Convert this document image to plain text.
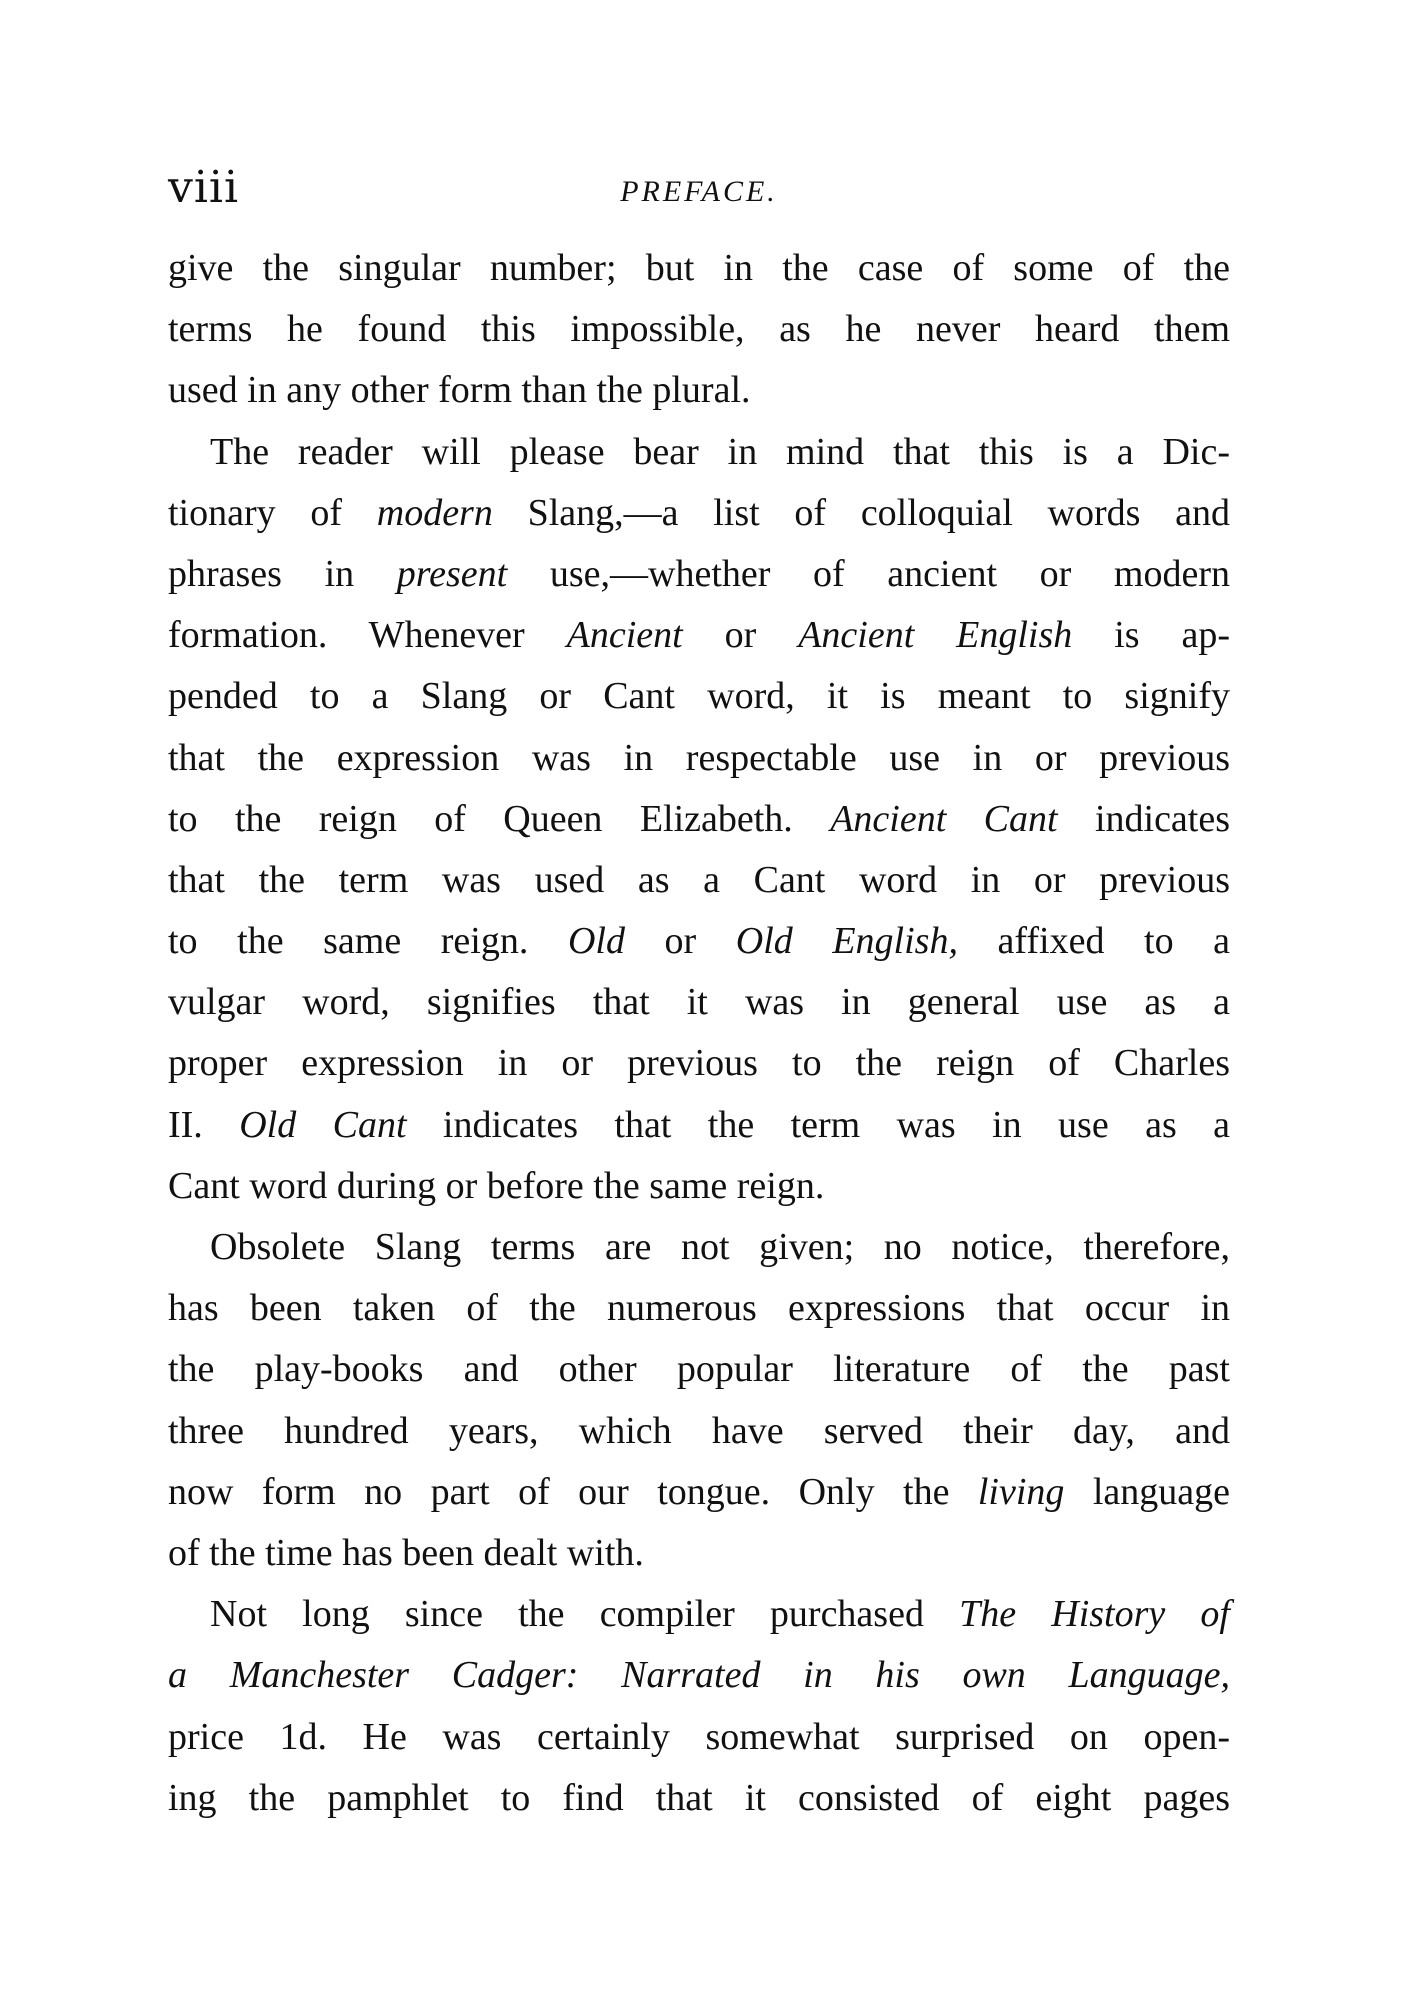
viii	PREFACE.
give the singular number; but in the case of some of the
terms he found this impossible, as he never heard them
used in any other form than the plural.
The reader will please bear in mind that this is a Dic-
tionary of modern Slang,—a list of colloquial words and
phrases in present use,—whether of ancient or modern
formation. Whenever Ancient or Ancient English is ap-
pended to a Slang or Cant word, it is meant to signify
that the expression was in respectable use in or previous
to the reign of Queen Elizabeth. Ancient Cant indicates
that the term was used as a Cant word in or previous
to the same reign. Old or Old English, affixed to a
vulgar word, signifies that it was in general use as a
proper expression in or previous to the reign of Charles
II. Old Cant indicates that the term was in use as a
Cant word during or before the same reign.
Obsolete Slang terms are not given; no notice, therefore,
has been taken of the numerous expressions that occur in
the play-books and other popular literature of the past
three hundred years, which have served their day, and
now form no part of our tongue. Only the living language
of the time has been dealt with.
Not long since the compiler purchased The History of
a Manchester Cadger: Narrated in his own Language,
price 1d. He was certainly somewhat surprised on open-
ing the pamphlet to find that it consisted of eight pages
